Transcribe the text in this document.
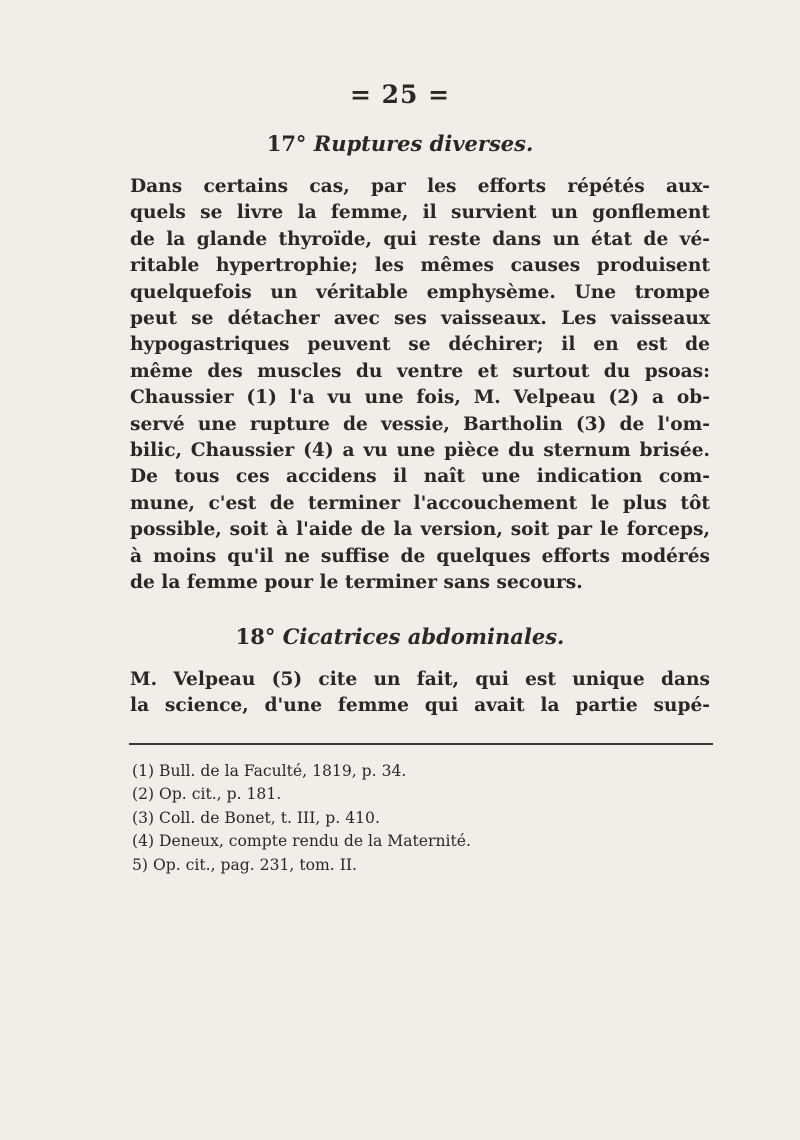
= 25 =
17° Ruptures diverses.
Dans certains cas, par les efforts répétés aux-
quels se livre la femme, il survient un gonflement
de la glande thyroïde, qui reste dans un état de vé-
ritable hypertrophie; les mêmes causes produisent
quelquefois un véritable emphysème. Une trompe
peut se détacher avec ses vaisseaux. Les vaisseaux
hypogastriques peuvent se déchirer; il en est de
même des muscles du ventre et surtout du psoas:
Chaussier (1) l'a vu une fois, M. Velpeau (2) a ob-
servé une rupture de vessie, Bartholin (3) de l'om-
bilic, Chaussier (4) a vu une pièce du sternum brisée.
De tous ces accidens il naît une indication com-
mune, c'est de terminer l'accouchement le plus tôt
possible, soit à l'aide de la version, soit par le forceps,
à moins qu'il ne suffise de quelques efforts modérés
de la femme pour le terminer sans secours.
18° Cicatrices abdominales.
M. Velpeau (5) cite un fait, qui est unique dans
la science, d'une femme qui avait la partie supé-
(1) Bull. de la Faculté, 1819, p. 34.
(2) Op. cit., p. 181.
(3) Coll. de Bonet, t. III, p. 410.
(4) Deneux, compte rendu de la Maternité.
5) Op. cit., pag. 231, tom. II.
